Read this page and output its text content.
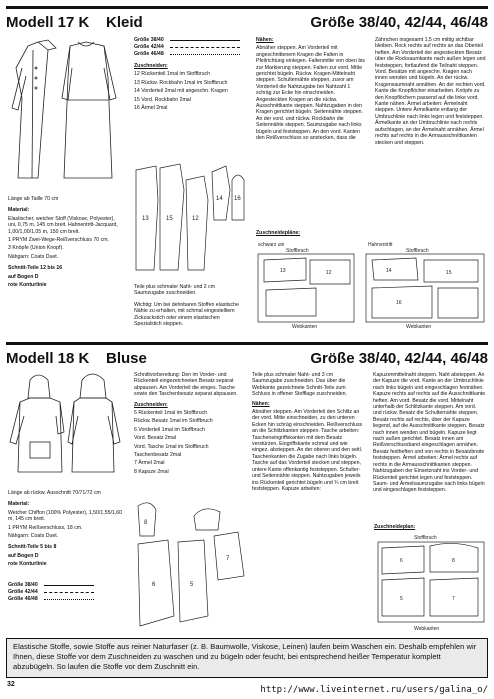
Modell 17 K	Kleid	Größe 38/40, 42/44, 46/48

Länge ab Taille 70 cm

Material:

Elastischer, weicher Stoff (Viskose, Polyester), uni, 0,75 m, 145 cm breit. Hahnentritt-Jacquard, 1,00/1,00/1,05 m, 150 cm breit.

1 PRYM Zwei-Wege-Reißverschluss 70 cm.

3 Knöpfe (Union Knopf).

Nähgarn: Coats Duet.

Schnitt-Teile 12 bis 16

auf Bogen D

rote Konturlinie

Größe 38/40
Größe 42/44
Größe 46/48

Zuschneiden:

12 Rückenteil 1mal im Stoffbruch

13 Rückw. Rockbahn 1mal im Stoffbruch

14 Vorderteil 2mal mit angeschn. Kragen

15 Vord. Rockbahn 2mal

16 Ärmel 2mal

13	15	12
14 16

Teile plus schmaler Naht- und 2 cm Saumzugabe zuschneiden.

Wichtig: Um bei dehnbaren Stoffen elastische Nähte zu erhalten, mit schmal eingestelltem Zickzackstich oder einem elastischen Spezialstich steppen.

Nähen:

Abnäher steppen. Am Vorderteil mit angeschnittenem Kragen die Falten in Pfeilrichtung einlegen. Faltenmitte von oben bis zur Markierung steppen. Falten zur vord. Mitte gerichtet bügeln. Rückw. Kragen-Mittelnaht steppen. Schulternähte steppen, zuvor am Vorderteil die Nahtzugabe bei Nahtzahl 1 schräg zur Ecke hin einschneiden. Angesteckten Kragen an die rückw. Ausschnittkante steppen. Nahtzugaben in den Kragen gerichtet bügeln. Seitennähte steppen. An der vord. und rückw. Rockbahn die Seitennähte steppen. Saumzugabe nach links bügeln und feststeppen. An den vord. Kanten den Reißverschluss so anstecken, dass die Zähnchen insgesamt 1,5 cm mittig sichtbar bleiben. Rock rechts auf rechts an das Oberteil heften. Am Vorderteil der angesteckten Besatz über die Rocksaumkante nach außen legen und feststeppen, fortlaufend die Teilnaht steppen. Vord. Besätze mit angeschn. Kragen nach innen wenden und bügeln. An der rückw. Kragensaumnaht annähen. An der rechten vord. Kante die Knopflöcher einarbeiten. Knöpfe zu den Knopflöchern passend auf die linke vord. Kante nähen. Ärmel arbeiten: Ärmelnaht steppen. Untere Ärmelkante entlang der Umbruchlinie nach links legen und feststeppen. Ärmelkante an der Umbruchlinie nach rechts aufschlagen, an der Ärmelnaht annähen. Ärmel rechts auf rechts in die Armausschnittkanten stecken und steppen.

Zuschneidepläne:
schwarz uni	Hahnentritt
Stoffbruch	Stoffbruch
Webkanten	Webkanten
13	12	14	15
16
Modell 18 K	Bluse	Größe 38/40, 42/44, 46/48

Länge ab rückw. Ausschnitt 70/71/72 cm

Material:

Weicher Chiffon (100% Polyester), 1,50/1,55/1,60 m, 145 cm breit.

1 PRYM Reißverschluss, 18 cm.

Nähgarn: Coats Duet.

Schnitt-Teile 5 bis 8

auf Bogen D

rote Konturlinie

Größe 38/40
Größe 42/44
Größe 46/48

Schnittvorbereitung: Den im Vorder- und Rückenteil eingezeichneten Besatz separat abpausen. Am Vorderteil die einges. Tasche sowie den Taschenbesatz separat abpausen.

Zuschneiden:

5 Rückenteil 1mal im Stoffbruch

Rückw. Besatz 1mal im Stoffbruch

6 Vorderteil 1mal im Stoffbruch

Vord. Besatz 2mal

Vord. Tasche 1mal im Stoffbruch

Taschenbesatz 2mal

7 Ärmel 2mal

8 Kapuze 2mal

8
6	5
7

Teile plus schmaler Naht- und 3 cm Saumzugabe zuschneiden. Das über die Webkante gezeichnete Schnitt-Teile zum Schluss in offener Stofflage zuschneiden.

Nähen:

Abnäher steppen. Am Vorderteil den Schlitz an der vord. Mitte einschneiden, zu den unteren Ecken hin schräg einschneiden. Reißverschluss an die Schlitzkanten steppen. Tasche arbeiten: Tascheneingriffskanten mit dem Besatz verstürzen. Eingriffskante schmal und wie eingez. absteppen. An der oberen und den seitl. Taschenkanten die Zugabe nach links bügeln. Tasche auf das Vorderteil stecken und steppen, untere Kante offenkantig feststeppen. Schulter- und Seitennähte steppen. Nahtzugaben jeweils ins Rückenteil gerichtet bügeln und ¾ cm breit feststeppen. Kapuze arbeiten: Kapuzenmittelnaht steppen. Naht absteppen. An der Kapuze die vord. Kante an der Umbruchlinie nach links bügeln und eingeschlagen festnähen. Kapuze rechts auf rechts auf die Ausschnittkante heften. Am vord. Besatz die vord. Mittelnaht unterhalb der Schlitzkante steppen. Am vord. und rückw. Besatz die Schulternähte steppen. Besatz rechts auf rechts, über der Kapuze liegend, auf die Ausschnittkante steppen. Besatz nach innen wenden und bügeln. Kapuze liegt nach außen gerichtet. Besatz innen am Reißverschlussband eingeschlagen annähen. Besatz festheften und von rechts in Besatzbreite feststeppen. Ärmel arbeiten: Ärmel rechts auf rechts in die Armausschnittkanten steppen. Nahtzugaben der Einsetznaht ins Vorder- und Rückenteil gerichtet legen und feststeppen. Saum- und Ärmelsaumzugabe nach links bügeln und eingeschlagen feststeppen.

Zuschneideplan:
Stoffbruch
Webkanten
6	8
5	7
Elastische Stoffe, sowie Stoffe aus reiner Naturfaser (z. B. Baumwolle, Viskose, Leinen) laufen beim Waschen ein. Deshalb empfehlen wir Ihnen, diese Stoffe vor dem Zuschneiden zu waschen und zu bügeln oder feucht, bei entsprechend heißer Temperatur komplett abzubügeln. So laufen die Stoffe vor dem Zuschnitt ein.
32
http://www.liveinternet.ru/users/galina_o/
